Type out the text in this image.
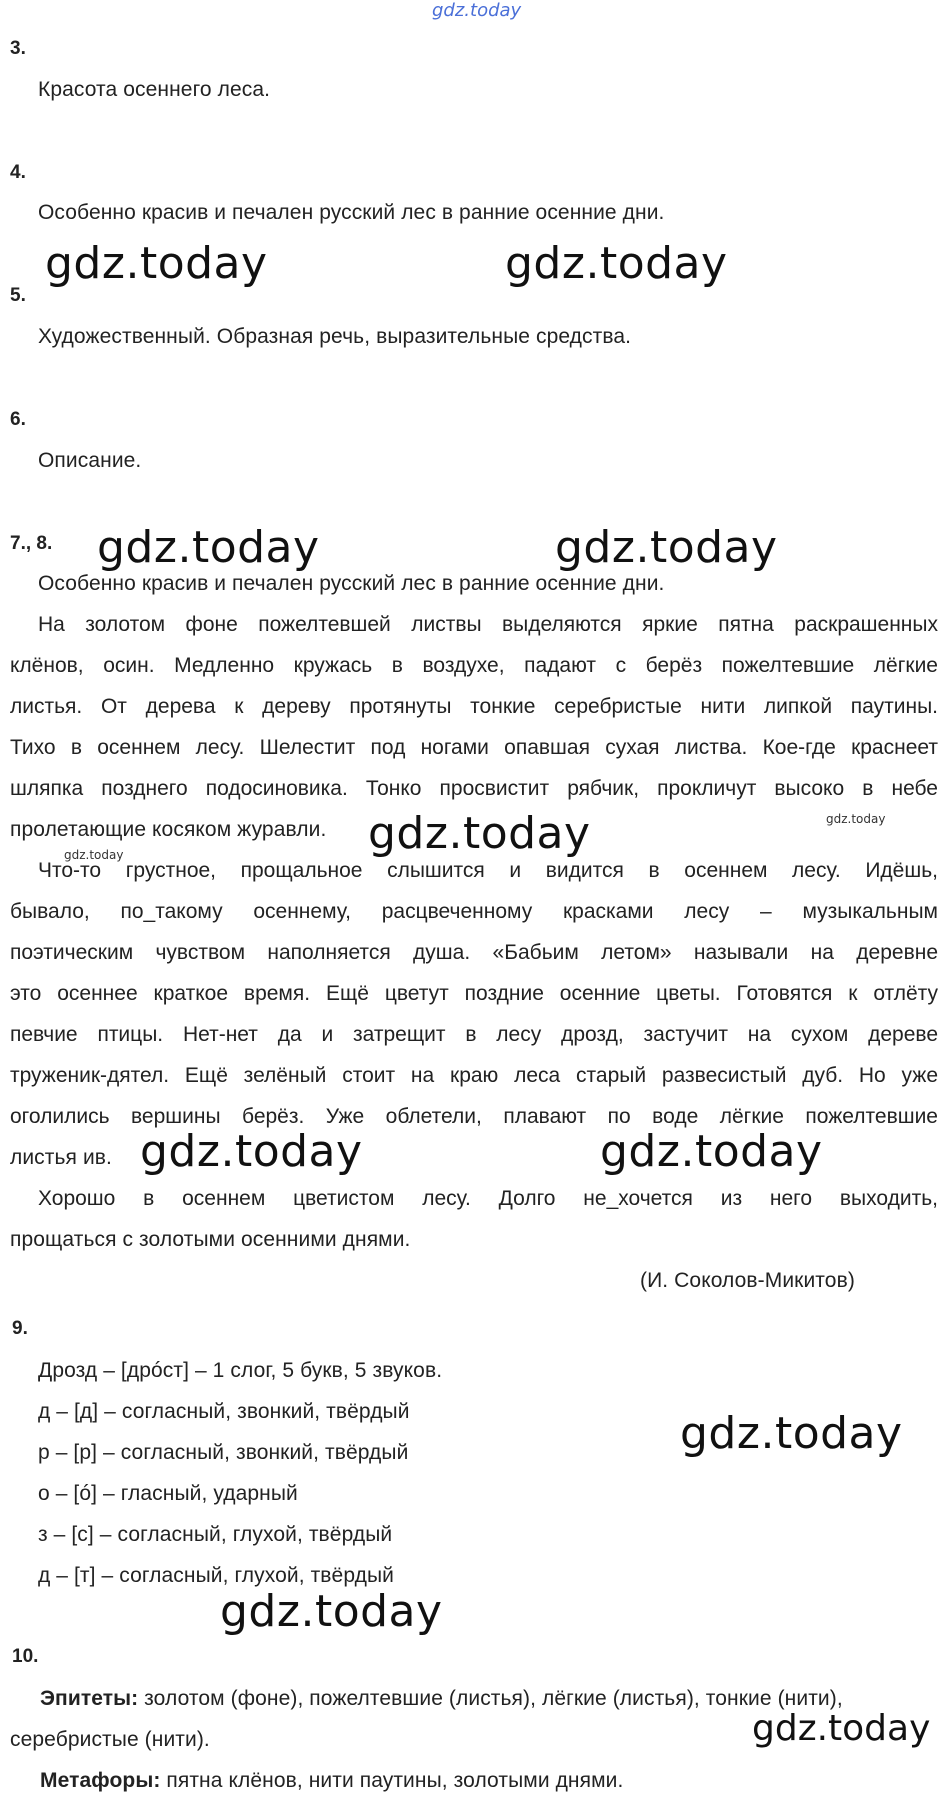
gdz.today
3.
Красота осеннего леса.
4.
Особенно красив и печален русский лес в ранние осенние дни.
5.
Художественный. Образная речь, выразительные средства.
6.
Описание.
7., 8.
Особенно красив и печален русский лес в ранние осенние дни.
На золотом фоне пожелтевшей листвы выделяются яркие пятна раскрашенных
клёнов, осин. Медленно кружась в воздухе, падают с берёз пожелтевшие лёгкие
листья. От дерева к дереву протянуты тонкие серебристые нити липкой паутины.
Тихо в осеннем лесу. Шелестит под ногами опавшая сухая листва. Кое-где краснеет
шляпка позднего подосиновика. Тонко просвистит рябчик, прокличут высоко в небе
пролетающие косяком журавли.
Что-то грустное, прощальное слышится и видится в осеннем лесу. Идёшь,
бывало, по_такому осеннему, расцвеченному красками лесу – музыкальным
поэтическим чувством наполняется душа. «Бабьим летом» называли на деревне
это осеннее краткое время. Ещё цветут поздние осенние цветы. Готовятся к отлёту
певчие птицы. Нет-нет да и затрещит в лесу дрозд, застучит на сухом дереве
труженик-дятел. Ещё зелёный стоит на краю леса старый развесистый дуб. Но уже
оголились вершины берёз. Уже облетели, плавают по воде лёгкие пожелтевшие
листья ив.
Хорошо в осеннем цветистом лесу. Долго не_хочется из него выходить,
прощаться с золотыми осенними днями.
(И. Соколов-Микитов)
9.
Дрозд – [дрóст] – 1 слог, 5 букв, 5 звуков.
д – [д] – согласный, звонкий, твёрдый
р – [р] – согласный, звонкий, твёрдый
о – [ó] – гласный, ударный
з – [с] – согласный, глухой, твёрдый
д – [т] – согласный, глухой, твёрдый
10.
Эпитеты: золотом (фоне), пожелтевшие (листья), лёгкие (листья), тонкие (нити),
серебристые (нити).
Метафоры: пятна клёнов, нити паутины, золотыми днями.
gdz.today	gdz.today
gdz.today	gdz.today
gdz.today
gdz.today	gdz.today
gdz.today
gdz.today
gdz.today
gdz.today
gdz.today
